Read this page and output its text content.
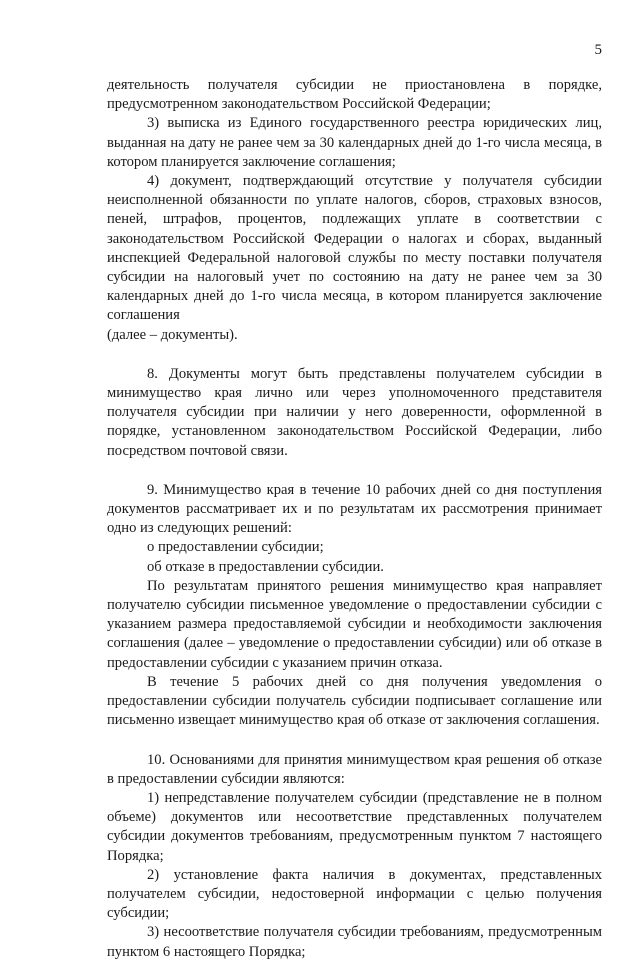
5

деятельность получателя субсидии не приостановлена в порядке, предусмотренном законодательством Российской Федерации;

3) выписка из Единого государственного реестра юридических лиц, выданная на дату не ранее чем за 30 календарных дней до 1-го числа месяца, в котором планируется заключение соглашения;

4) документ, подтверждающий отсутствие у получателя субсидии неисполненной обязанности по уплате налогов, сборов, страховых взносов, пеней, штрафов, процентов, подлежащих уплате в соответствии с законодательством Российской Федерации о налогах и сборах, выданный инспекцией Федеральной налоговой службы по месту поставки получателя субсидии на налоговый учет по состоянию на дату не ранее чем за 30 календарных дней до 1-го числа месяца, в котором планируется заключение соглашения

(далее – документы).

8. Документы могут быть представлены получателем субсидии в минимущество края лично или через уполномоченного представителя получателя субсидии при наличии у него доверенности, оформленной в порядке, установленном законодательством Российской Федерации, либо посредством почтовой связи.

9. Минимущество края в течение 10 рабочих дней со дня поступления документов рассматривает их и по результатам их рассмотрения принимает одно из следующих решений:

о предоставлении субсидии;

об отказе в предоставлении субсидии.

По результатам принятого решения минимущество края направляет получателю субсидии письменное уведомление о предоставлении субсидии с указанием размера предоставляемой субсидии и необходимости заключения соглашения (далее – уведомление о предоставлении субсидии) или об отказе в предоставлении субсидии с указанием причин отказа.

В течение 5 рабочих дней со дня получения уведомления о предоставлении субсидии получатель субсидии подписывает соглашение или письменно извещает минимущество края об отказе от заключения соглашения.

10. Основаниями для принятия минимуществом края решения об отказе в предоставлении субсидии являются:

1) непредставление получателем субсидии (представление не в полном объеме) документов или несоответствие представленных получателем субсидии документов требованиям, предусмотренным пунктом 7 настоящего Порядка;

2) установление факта наличия в документах, представленных получателем субсидии, недостоверной информации с целью получения субсидии;

3) несоответствие получателя субсидии требованиям, предусмотренным пунктом 6 настоящего Порядка;
